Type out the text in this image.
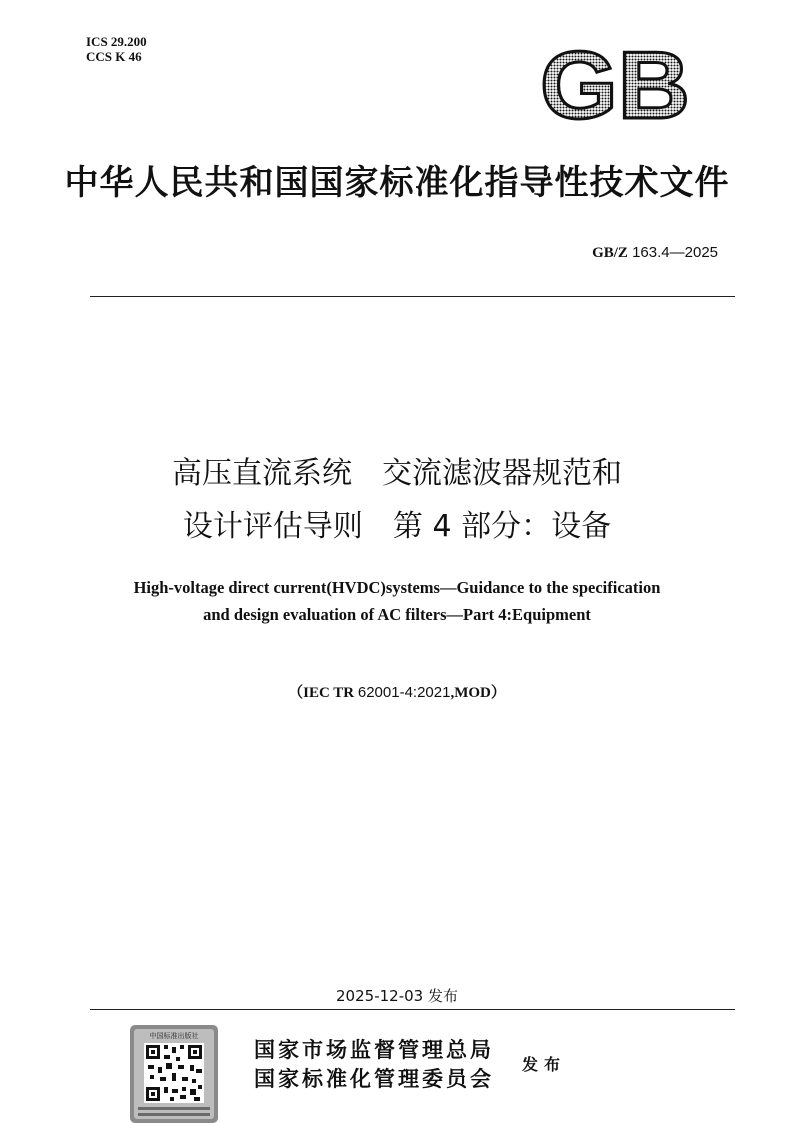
ICS 29.200
CCS K 46	GB
中华人民共和国国家标准化指导性技术文件
GB/Z 163.4—2025
高压直流系统　交流滤波器规范和
设计评估导则　第 4 部分：设备
High-voltage direct current(HVDC)systems—Guidance to the specification
and design evaluation of AC filters—Part 4:Equipment
（IEC TR 62001-4:2021,MOD）
2025-12-03 发布
中国标准出版社
国家市场监督管理总局
国家标准化管理委员会
发布
